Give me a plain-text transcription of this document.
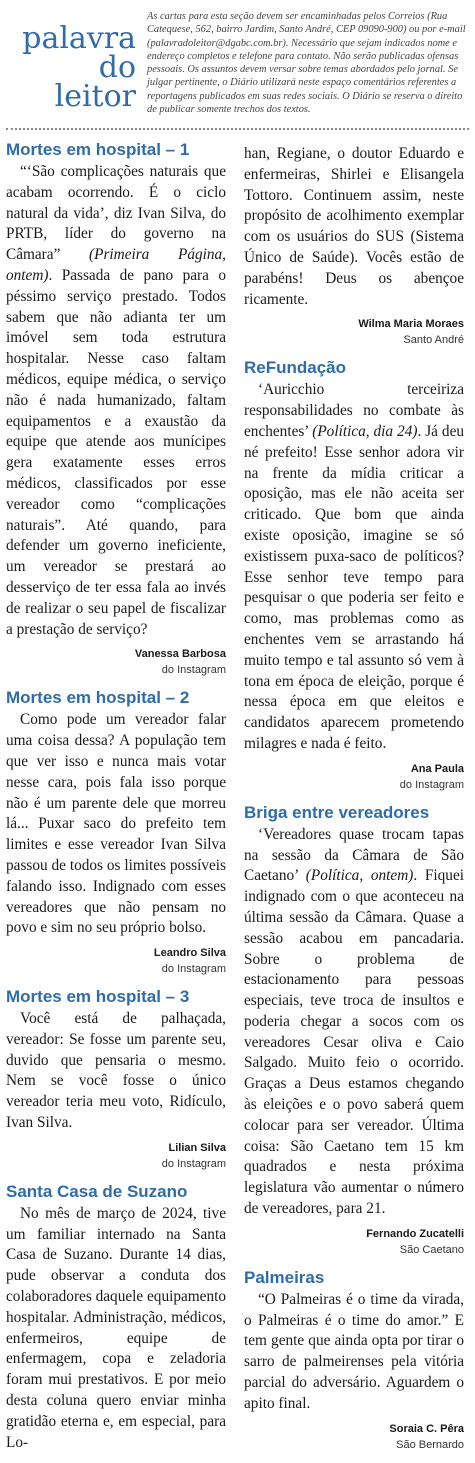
palavra
do leitor
As cartas para esta seção devem ser encaminhadas pelos Correios (Rua Catequese, 562, bairro Jardim, Santo André, CEP 09090-900) ou por e-mail (palavradoleitor@dgabc.com.br). Necessário que sejam indicados nome e endereço completos e telefone para contato. Não serão publicadas ofensas pessoais. Os assuntos devem versar sobre temas abordados pelo jornal. Se julgar pertinente, o Diário utilizará neste espaço comentários referentes a reportagens publicados em suas redes sociais. O Diário se reserva o direito de publicar somente trechos dos textos.
Mortes em hospital – 1

“‘São complicações naturais que acabam ocorrendo. É o ciclo natural da vida’, diz Ivan Silva, do PRTB, líder do governo na Câmara” (Primeira Página, ontem). Passada de pano para o péssimo serviço prestado. Todos sabem que não adianta ter um imóvel sem toda estrutura hospitalar. Nesse caso faltam médicos, equipe médica, o serviço não é nada humanizado, faltam equipamentos e a exaustão da equipe que atende aos munícipes gera exatamente esses erros médicos, classificados por esse vereador como “complicações naturais”. Até quando, para defender um governo ineficiente, um vereador se prestará ao desserviço de ter essa fala ao invés de realizar o seu papel de fiscalizar a prestação de serviço?

Vanessa Barbosa
do Instagram
Mortes em hospital – 2

Como pode um vereador falar uma coisa dessa? A população tem que ver isso e nunca mais votar nesse cara, pois fala isso porque não é um parente dele que morreu lá... Puxar saco do prefeito tem limites e esse vereador Ivan Silva passou de todos os limites possíveis falando isso. Indignado com esses vereadores que não pensam no povo e sim no seu próprio bolso.

Leandro Silva
do Instagram
Mortes em hospital – 3

Você está de palhaçada, vereador: Se fosse um parente seu, duvido que pensaria o mesmo. Nem se você fosse o único vereador teria meu voto, Ridículo, Ivan Silva.

Lilian Silva
do Instagram
Santa Casa de Suzano

No mês de março de 2024, tive um familiar internado na Santa Casa de Suzano. Durante 14 dias, pude observar a conduta dos colaboradores daquele equipamento hospitalar. Administração, médicos, enfermeiros, equipe de enfermagem, copa e zeladoria foram mui prestativos. E por meio desta coluna quero enviar minha gratidão eterna e, em especial, para Lo-

han, Regiane, o doutor Eduardo e enfermeiras, Shirlei e Elisangela Tottoro. Continuem assim, neste propósito de acolhimento exemplar com os usuários do SUS (Sistema Único de Saúde). Vocês estão de parabéns! Deus os abençoe ricamente.

Wilma Maria Moraes
Santo André
ReFundação

‘Auricchio terceiriza responsabilidades no combate às enchentes’ (Política, dia 24). Já deu né prefeito! Esse senhor adora vir na frente da mídia criticar a oposição, mas ele não aceita ser criticado. Que bom que ainda existe oposição, imagine se só existissem puxa-saco de políticos? Esse senhor teve tempo para pesquisar o que poderia ser feito e como, mas problemas como as enchentes vem se arrastando há muito tempo e tal assunto só vem à tona em época de eleição, porque é nessa época em que eleitos e candidatos aparecem prometendo milagres e nada é feito.

Ana Paula
do Instagram
Briga entre vereadores

‘Vereadores quase trocam tapas na sessão da Câmara de São Caetano’ (Política, ontem). Fiquei indignado com o que aconteceu na última sessão da Câmara. Quase a sessão acabou em pancadaria. Sobre o problema de estacionamento para pessoas especiais, teve troca de insultos e poderia chegar a socos com os vereadores Cesar oliva e Caio Salgado. Muito feio o ocorrido. Graças a Deus estamos chegando às eleições e o povo saberá quem colocar para ser vereador. Última coisa: São Caetano tem 15 km quadrados e nesta próxima legislatura vão aumentar o número de vereadores, para 21.

Fernando Zucatelli
São Caetano
Palmeiras

“O Palmeiras é o time da virada, o Palmeiras é o time do amor.” E tem gente que ainda opta por tirar o sarro de palmeirenses pela vitória parcial do adversário. Aguardem o apito final.

Soraia C. Pêra
São Bernardo
